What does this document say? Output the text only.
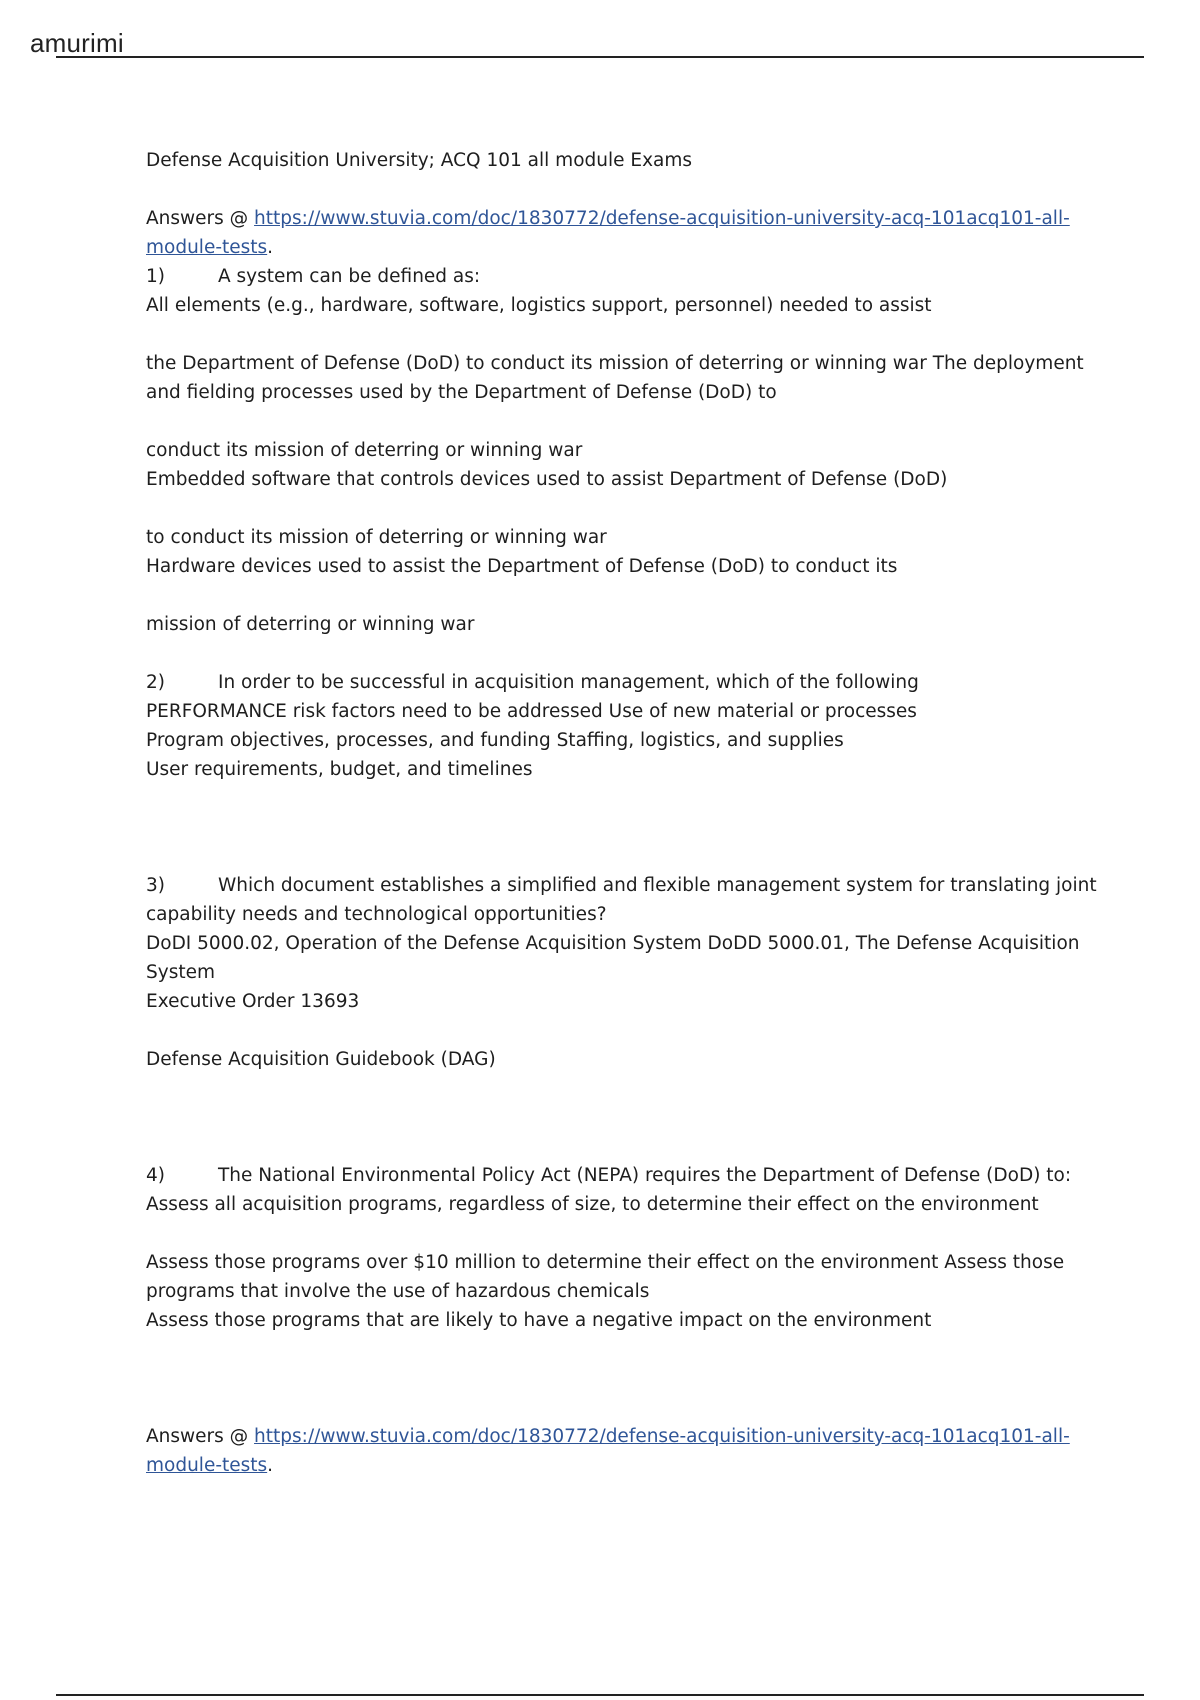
amurimi
Defense Acquisition University; ACQ 101 all module Exams
Answers @ https://www.stuvia.com/doc/1830772/defense-acquisition-university-acq-101acq101-all-
module-tests.
1)	A system can be defined as:
All elements (e.g., hardware, software, logistics support, personnel) needed to assist
the Department of Defense (DoD) to conduct its mission of deterring or winning war The deployment
and fielding processes used by the Department of Defense (DoD) to
conduct its mission of deterring or winning war
Embedded software that controls devices used to assist Department of Defense (DoD)
to conduct its mission of deterring or winning war
Hardware devices used to assist the Department of Defense (DoD) to conduct its
mission of deterring or winning war
2)	In order to be successful in acquisition management, which of the following
PERFORMANCE risk factors need to be addressed Use of new material or processes
Program objectives, processes, and funding Staffing, logistics, and supplies
User requirements, budget, and timelines
3)	Which document establishes a simplified and flexible management system for translating joint
capability needs and technological opportunities?
DoDI 5000.02, Operation of the Defense Acquisition System DoDD 5000.01, The Defense Acquisition
System
Executive Order 13693
Defense Acquisition Guidebook (DAG)
4)	The National Environmental Policy Act (NEPA) requires the Department of Defense (DoD) to:
Assess all acquisition programs, regardless of size, to determine their effect on the environment
Assess those programs over $10 million to determine their effect on the environment Assess those
programs that involve the use of hazardous chemicals
Assess those programs that are likely to have a negative impact on the environment
Answers @ https://www.stuvia.com/doc/1830772/defense-acquisition-university-acq-101acq101-all-
module-tests.
